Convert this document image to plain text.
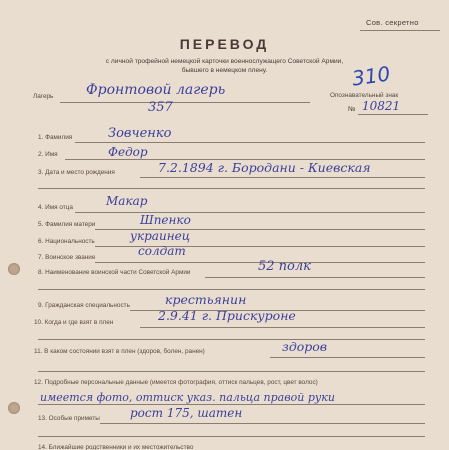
Сов. секретно
ПЕРЕВОД
с личной трофейной немецкой карточки военнослужащего Советской Армии,
бывшего в немецком плену.
Лагерь Фронтовой лагерь
357
Опознавательный знак
310
№ 10821
1. Фамилия	Зовченко
2. Имя	Федор
3. Дата и место рождения	7.2.1894 г. Бородани - Киевская
4. Имя отца	Макар
5. Фамилия матери	Шпенко
6. Национальность	украинец
7. Воинское звание	солдат
8. Наименование воинской части Советской Армии	52 полк
9. Гражданская специальность	крестьянин
10. Когда и где взят в плен	2.9.41 г. Прискуроне
11. В каком состоянии взят в плен (здоров, болен, ранен)	здоров
12. Подробные персональные данные (имеется фотография, оттиск пальцев, рост, цвет волос)
имеется фото, оттиск указ. пальца правой руки
13. Особые приметы	рост 175, шатен
14. Ближайшие родственники и их местожительство
